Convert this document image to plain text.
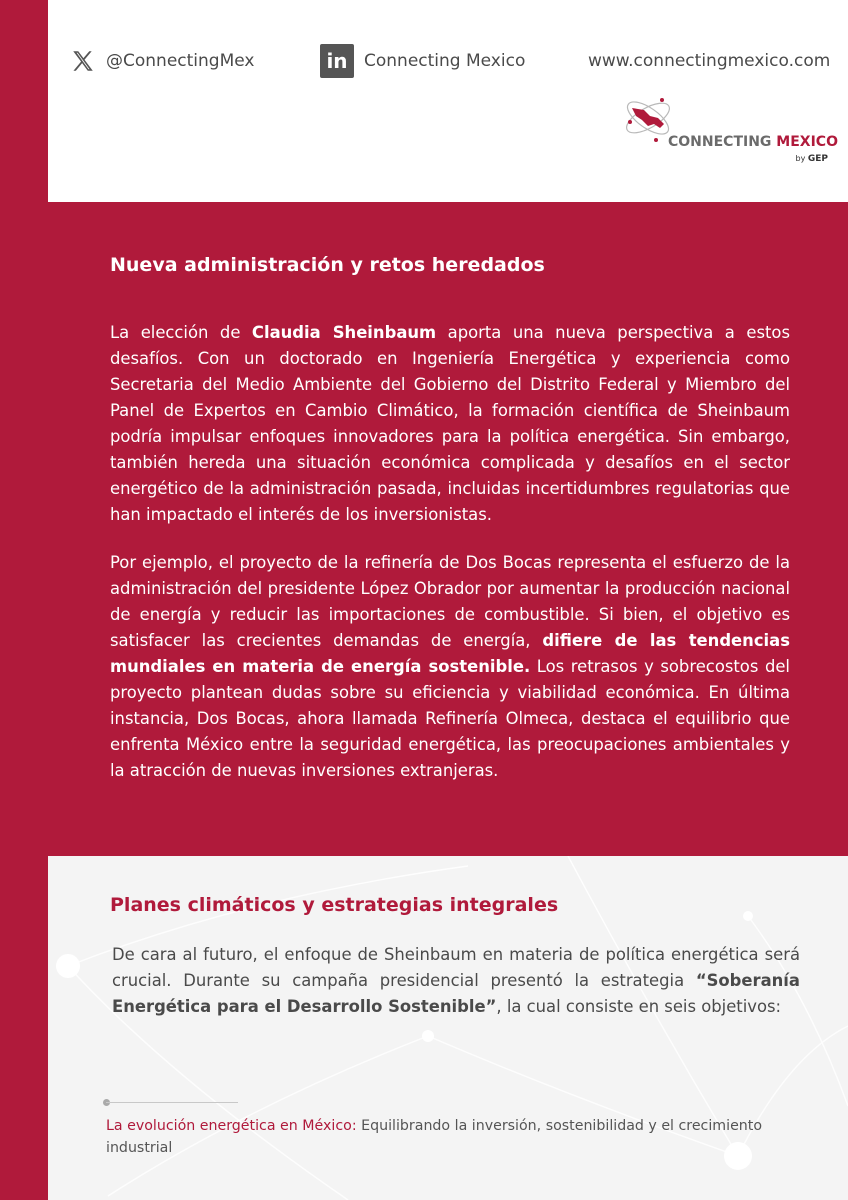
@ConnectingMex	in Connecting Mexico	www.connectingmexico.com
CONNECTING MEXICO
by GEP
Nueva administración y retos heredados

La elección de Claudia Sheinbaum aporta una nueva perspectiva a estos desafíos. Con un doctorado en Ingeniería Energética y experiencia como Secretaria del Medio Ambiente del Gobierno del Distrito Federal y Miembro del Panel de Expertos en Cambio Climático, la formación científica de Sheinbaum podría impulsar enfoques innovadores para la política energética. Sin embargo, también hereda una situación económica complicada y desafíos en el sector energético de la administración pasada, incluidas incertidumbres regulatorias que han impactado el interés de los inversionistas.

Por ejemplo, el proyecto de la refinería de Dos Bocas representa el esfuerzo de la administración del presidente López Obrador por aumentar la producción nacional de energía y reducir las importaciones de combustible. Si bien, el objetivo es satisfacer las crecientes demandas de energía, difiere de las tendencias mundiales en materia de energía sostenible. Los retrasos y sobrecostos del proyecto plantean dudas sobre su eficiencia y viabilidad económica. En última instancia, Dos Bocas, ahora llamada Refinería Olmeca, destaca el equilibrio que enfrenta México entre la seguridad energética, las preocupaciones ambientales y la atracción de nuevas inversiones extranjeras.

Planes climáticos y estrategias integrales

De cara al futuro, el enfoque de Sheinbaum en materia de política energética será crucial. Durante su campaña presidencial presentó la estrategia “Soberanía Energética para el Desarrollo Sostenible”, la cual consiste en seis objetivos:

La evolución energética en México: Equilibrando la inversión, sostenibilidad y el crecimiento industrial
